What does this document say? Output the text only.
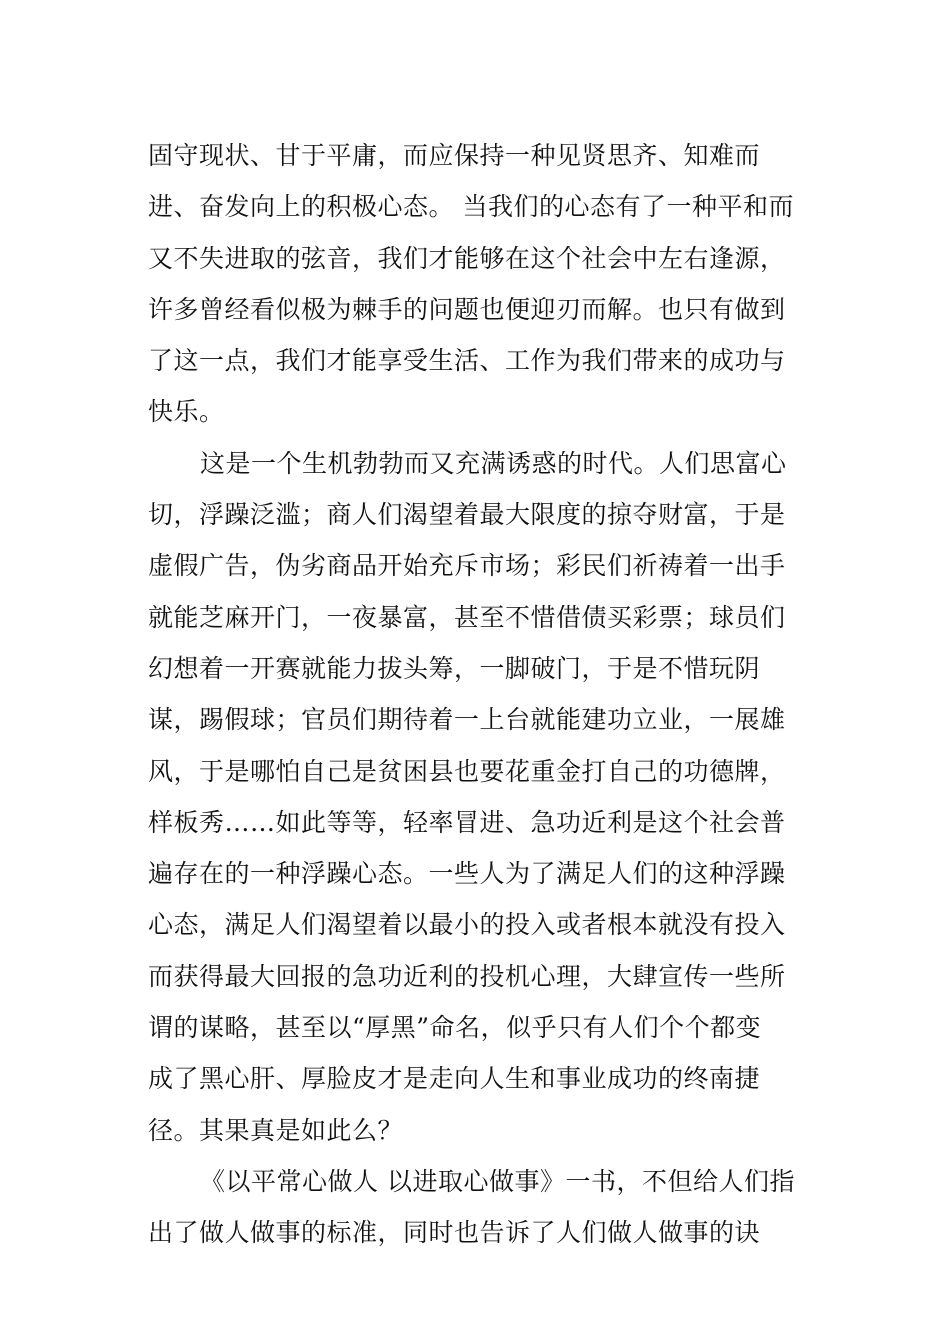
固守现状、甘于平庸，而应保持一种见贤思齐、知难而
进、奋发向上的积极心态。 当我们的心态有了一种平和而
又不失进取的弦音，我们才能够在这个社会中左右逢源，
许多曾经看似极为棘手的问题也便迎刃而解。也只有做到
了这一点，我们才能享受生活、工作为我们带来的成功与
快乐。
这是一个生机勃勃而又充满诱惑的时代。人们思富心
切，浮躁泛滥；商人们渴望着最大限度的掠夺财富，于是
虚假广告，伪劣商品开始充斥市场；彩民们祈祷着一出手
就能芝麻开门，一夜暴富，甚至不惜借债买彩票；球员们
幻想着一开赛就能力拔头筹，一脚破门，于是不惜玩阴
谋，踢假球；官员们期待着一上台就能建功立业，一展雄
风，于是哪怕自己是贫困县也要花重金打自己的功德牌，
样板秀……如此等等，轻率冒进、急功近利是这个社会普
遍存在的一种浮躁心态。一些人为了满足人们的这种浮躁
心态，满足人们渴望着以最小的投入或者根本就没有投入
而获得最大回报的急功近利的投机心理，大肆宣传一些所
谓的谋略，甚至以“厚黑”命名，似乎只有人们个个都变
成了黑心肝、厚脸皮才是走向人生和事业成功的终南捷
径。其果真是如此么？
《以平常心做人 以进取心做事》一书，不但给人们指
出了做人做事的标准，同时也告诉了人们做人做事的诀
